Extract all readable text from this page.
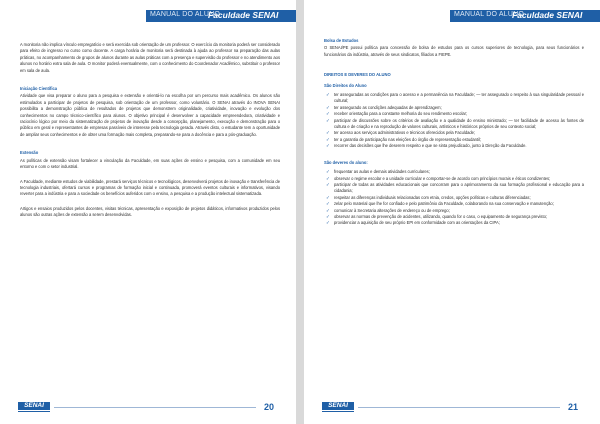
MANUAL DO ALUNO
Faculdade SENAI

A monitoria não implica vínculo empregatício e será exercida sob orientação de um professor. O exercício da monitoria poderá ser considerado para efeito de ingresso no curso como docente. A carga horária de monitoria será destinada à ajuda ao professor na preparação das aulas práticas, no acompanhamento de grupos de alunos durante as aulas práticas com a presença e supervisão do professor e no atendimento aos alunos no horário extra sala de aula. O monitor poderá eventualmente, com o conhecimento do Coordenador Acadêmico, substituir o professor em sala de aula.

Iniciação Científica

Atividade que visa preparar o aluno para a pesquisa e extensão e orientá-lo na escolha por um percurso mais acadêmico. Os alunos são estimulados a participar de projetos de pesquisa, sob orientação de um professor, como voluntário. O SENAI através do INOVA SENAI possibilita a demonstração pública de resultados de projetos que demonstrem originalidade, criatividade, inovação e evolução dos conhecimentos no campo técnico-científico para alunos. O objetivo principal é desenvolver a capacidade empreendedora, criatividade e raciocínio lógico por meio da sistematização de projetos de inovação desde a concepção, planejamento, execução e demonstração para o público em geral e representantes de empresas passíveis de interesse pela tecnologia gerada. Através disto, o estudante tem a oportunidade de ampliar seus conhecimentos e de obter uma formação mais completa, preparando-se para a docência e para a pós-graduação.

Extensão

As políticas de extensão visam fortalecer a vinculação da Faculdade, em suas ações de ensino e pesquisa, com a comunidade em seu entorno e com o setor industrial.

A Faculdade, mediante estudos de viabilidade, prestará serviços técnicos e tecnológicos, desenvolverá projetos de inovação e transferência de tecnologia industriais, ofertará cursos e programas de formação inicial e continuada, promoverá eventos culturais e informativos, visando reverter para a indústria e para a sociedade os benefícios auferidos com o ensino, a pesquisa e a produção intelectual sistematizada.

Artigos e ensaios produzidos pelos docentes, visitas técnicas, apresentação e exposição de projetos didáticos, informativos produzidos pelos alunos são outras ações de extensão a serem desenvolvidas.

SENAI	20
MANUAL DO ALUNO
Faculdade SENAI

Bolsa de Estudos

O SENAI/PE possui política para concessão de bolsa de estudos para os cursos superiores de tecnologia, para seus funcionários e funcionários da indústria, através de seus sindicatos, filiados a FIEPE.

DIREITOS E DEVERES DO ALUNO

São Direitos do Aluno

✓ ter asseguradas as condições para o acesso e a permanência na Faculdade; — ter assegurado o respeito à sua singularidade pessoal e cultural;
✓ ter assegurado as condições adequadas de aprendizagem;
✓ receber orientação para a constante melhoria do seu rendimento escolar;
✓ participar de discussões sobre os critérios de avaliação e a qualidade do ensino ministrado; — ter facilidade de acesso às fontes de cultura e de criação e na reprodução de valores culturais, artísticos e históricos próprios de seu contexto social;
✓ ter acesso aos serviços administrativos e técnicos oferecidos pela Faculdade;
✓ ter a garantia de participação nas eleições do órgão de representação estudantil;
✓ recorrer das decisões que lhe deserem respeito e que se sinta prejudicado, junto à Direção da Faculdade.

São deveres do aluno:

✓ frequentar as aulas e demais atividades curriculares;
✓ observar o regime escolar e a unidade curricular e comportar-se de acordo com princípios morais e éticos condizentes;
✓ participar de todas as atividades educacionais que concorram para o aprimoramento da sua formação profissional e educação para a cidadania;
✓ respeitar as diferenças individuais relacionadas com etnia, credos, opções políticas e culturas diferenciadas;
✓ zelar pelo material que lhe for confiado e pelo patrimônio da Faculdade, colaborando na sua conservação e manutenção;
✓ comunicar à Secretaria alterações de endereço ou de emprego;
✓ observar as normas de prevenção de acidentes, utilizando, quando for o caso, o equipamento de segurança previsto;
✓ providenciar a aquisição de seu próprio EPI em conformidade com as orientações da CIPA;
SENAI	21
